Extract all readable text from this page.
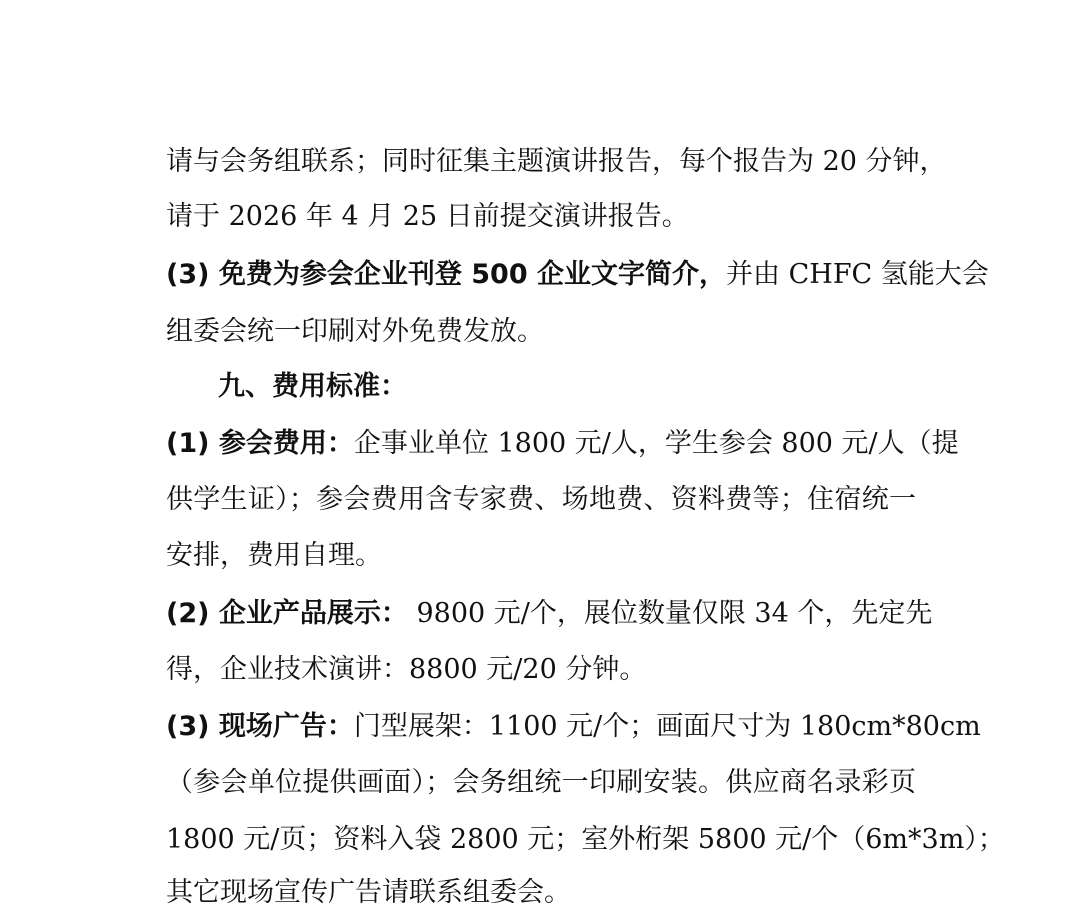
请与会务组联系；同时征集主题演讲报告，每个报告为 20 分钟，
请于 2026 年 4 月 25 日前提交演讲报告。
(3) 免费为参会企业刊登 500 企业文字简介，并由 CHFC 氢能大会
组委会统一印刷对外免费发放。
九、费用标准：
(1) 参会费用：企事业单位 1800 元/人，学生参会 800 元/人（提
供学生证）；参会费用含专家费、场地费、资料费等；住宿统一
安排，费用自理。
(2) 企业产品展示： 9800 元/个，展位数量仅限 34 个，先定先
得，企业技术演讲：8800 元/20 分钟。
(3) 现场广告：门型展架：1100 元/个；画面尺寸为 180cm*80cm
（参会单位提供画面）；会务组统一印刷安装。供应商名录彩页
1800 元/页；资料入袋 2800 元；室外桁架 5800 元/个（6m*3m）；
其它现场宣传广告请联系组委会。
